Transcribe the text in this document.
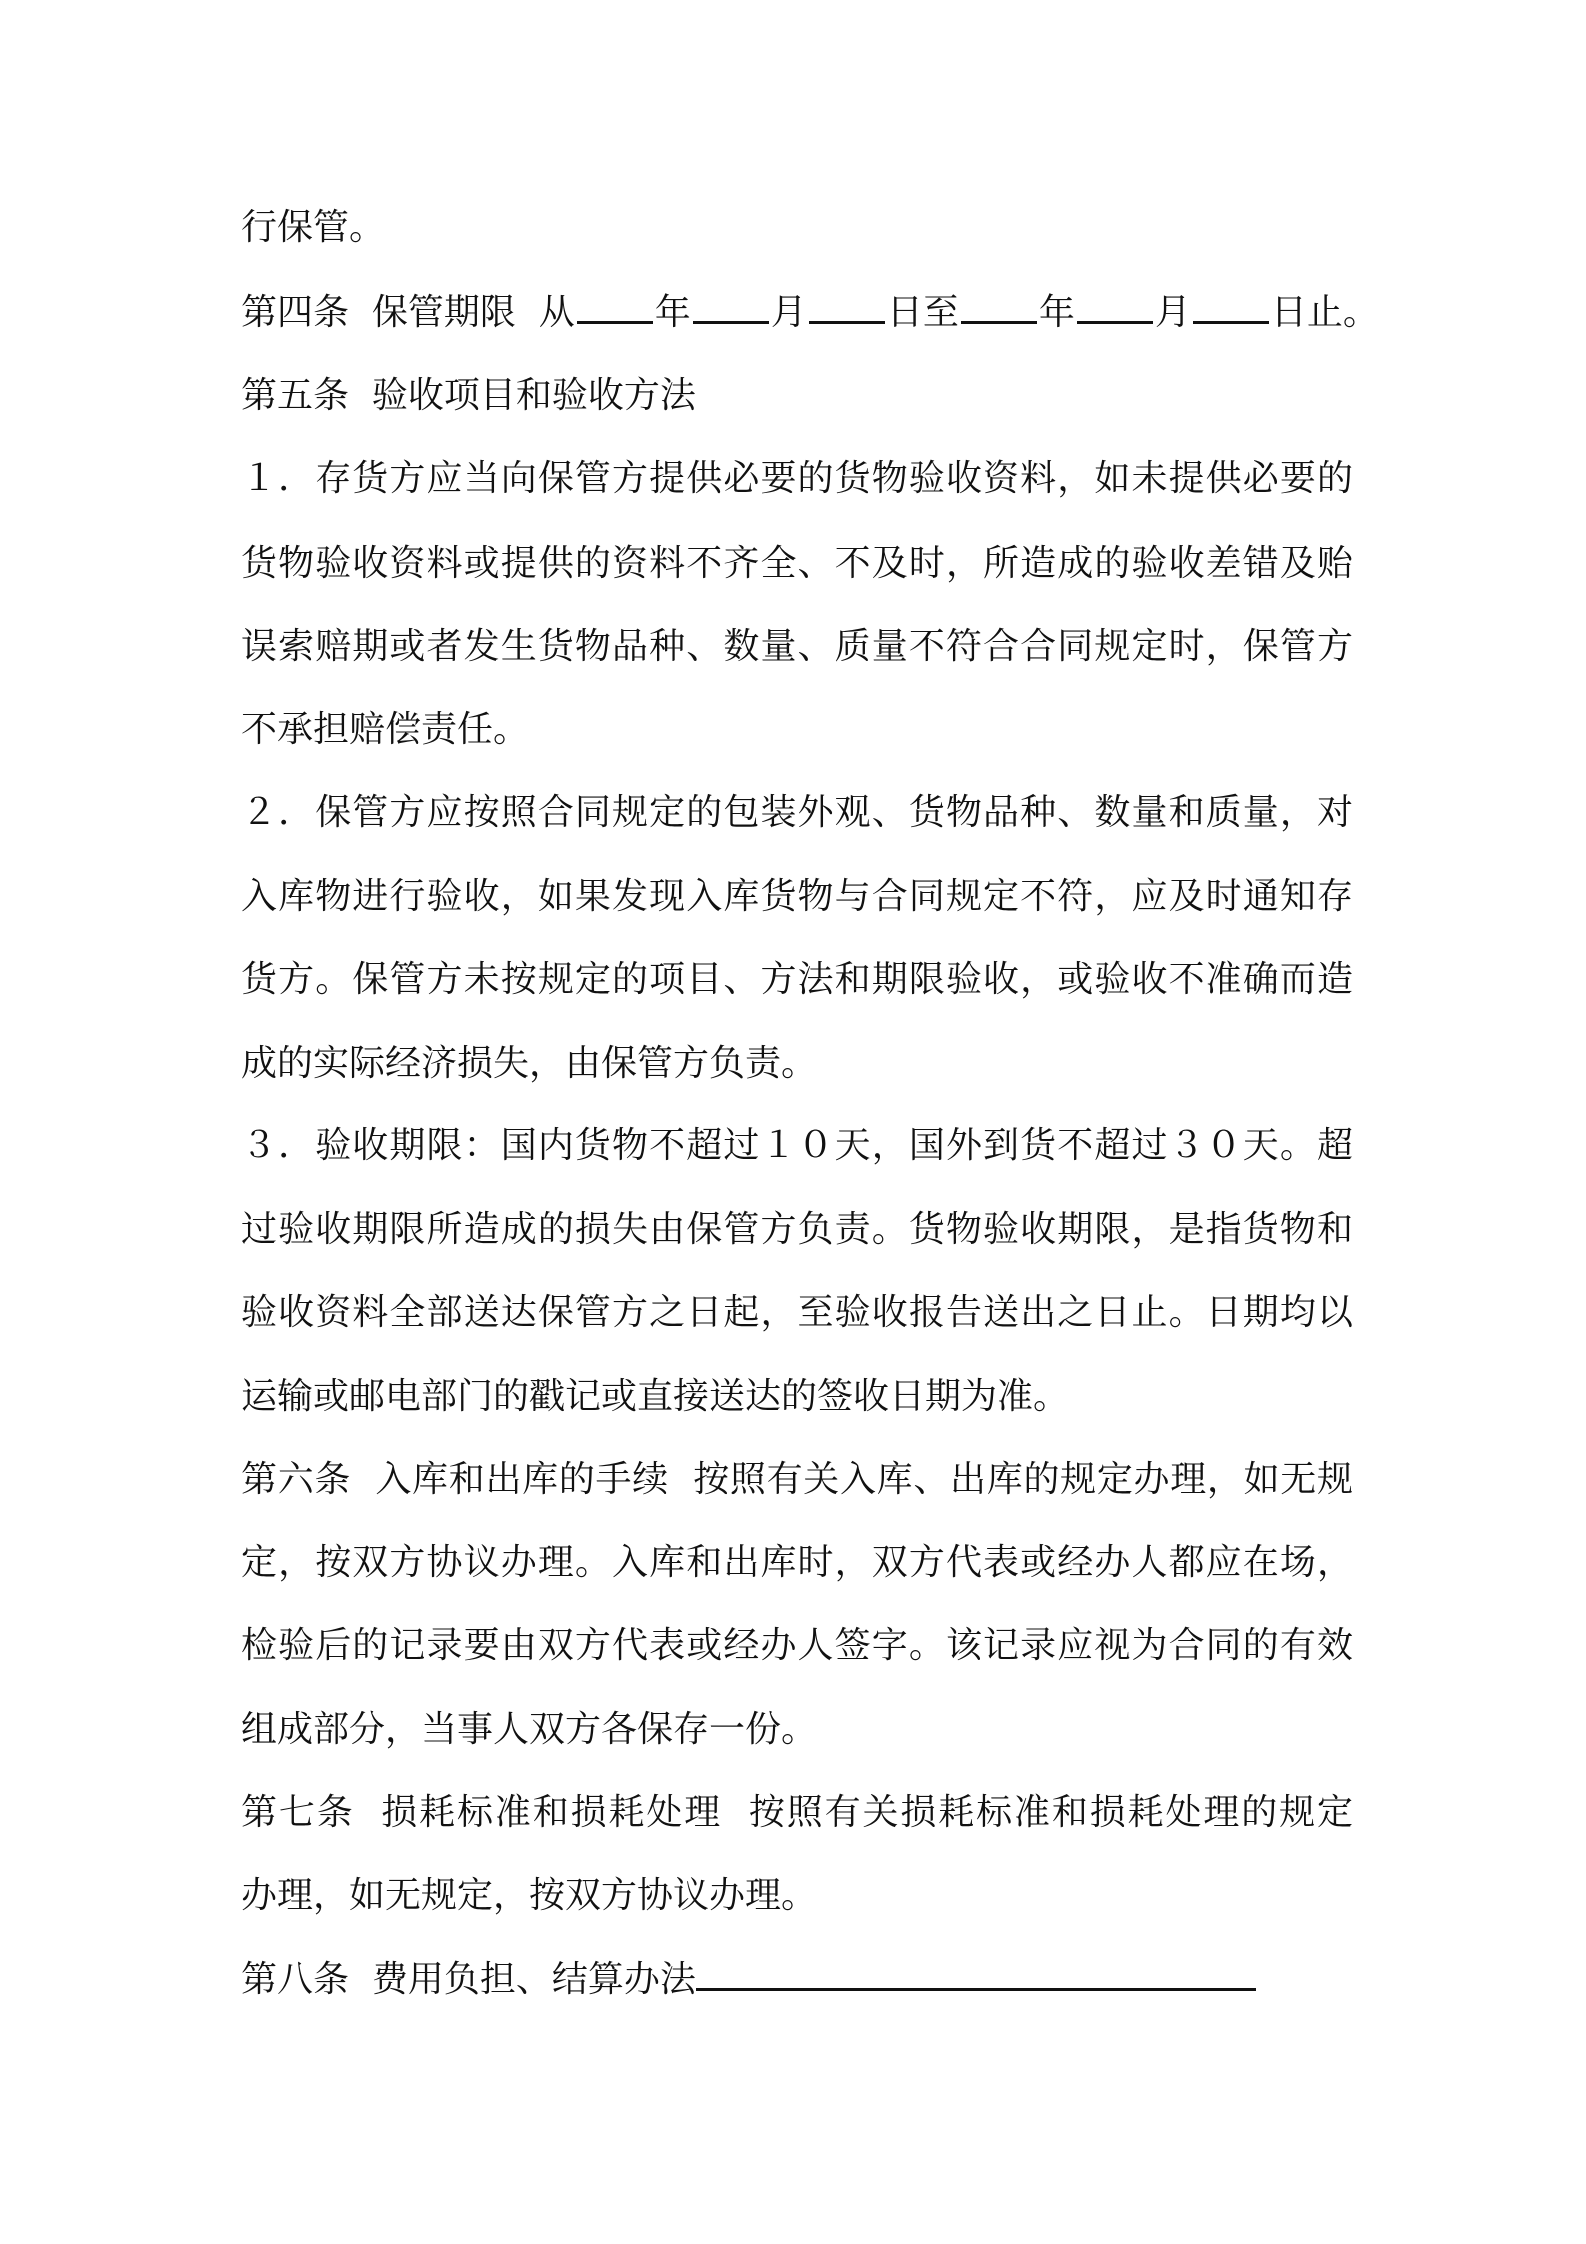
行保管。
第四条  保管期限  从 年 月 日至 年 月 日止。
第五条  验收项目和验收方法
１．存货方应当向保管方提供必要的货物验收资料，如未提供必要的
货物验收资料或提供的资料不齐全、不及时，所造成的验收差错及贻
误索赔期或者发生货物品种、数量、质量不符合合同规定时，保管方
不承担赔偿责任。
２．保管方应按照合同规定的包装外观、货物品种、数量和质量，对
入库物进行验收，如果发现入库货物与合同规定不符，应及时通知存
货方。保管方未按规定的项目、方法和期限验收，或验收不准确而造
成的实际经济损失，由保管方负责。
３．验收期限：国内货物不超过１０天，国外到货不超过３０天。超
过验收期限所造成的损失由保管方负责。货物验收期限，是指货物和
验收资料全部送达保管方之日起，至验收报告送出之日止。日期均以
运输或邮电部门的戳记或直接送达的签收日期为准。
第六条  入库和出库的手续  按照有关入库、出库的规定办理，如无规
定，按双方协议办理。入库和出库时，双方代表或经办人都应在场，
检验后的记录要由双方代表或经办人签字。该记录应视为合同的有效
组成部分，当事人双方各保存一份。
第七条  损耗标准和损耗处理  按照有关损耗标准和损耗处理的规定
办理，如无规定，按双方协议办理。
第八条  费用负担、结算办法
